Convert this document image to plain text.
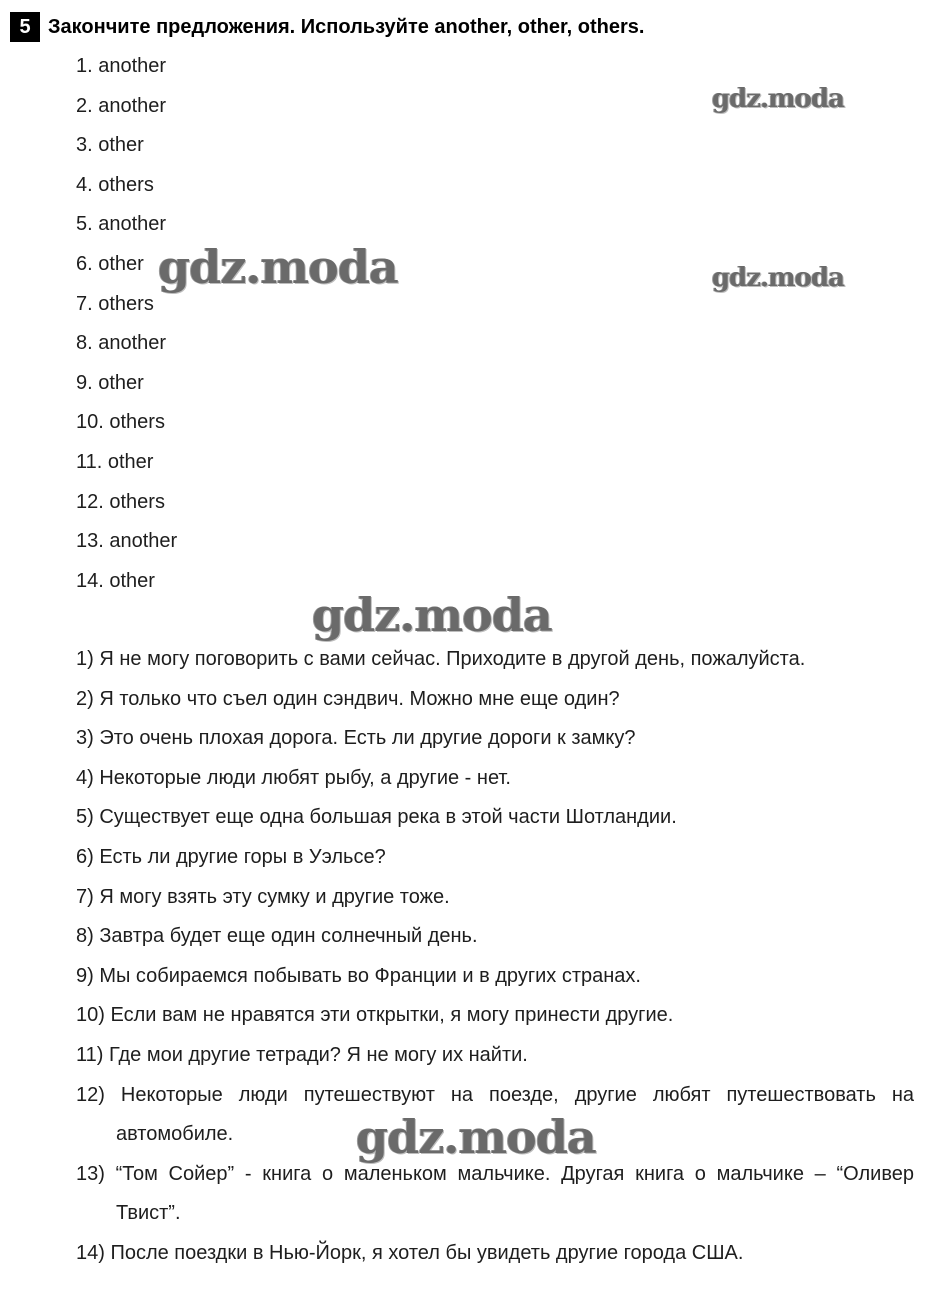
5 Закончите предложения. Используйте another, other, others.
1. another
2. another
3. other
4. others
5. another
6. other
7. others
8. another
9. other
10. others
11. other
12. others
13. another
14. other
1) Я не могу поговорить с вами сейчас. Приходите в другой день, пожалуйста.
2) Я только что съел один сэндвич. Можно мне еще один?
3) Это очень плохая дорога. Есть ли другие дороги к замку?
4) Некоторые люди любят рыбу, а другие - нет.
5) Существует еще одна большая река в этой части Шотландии.
6) Есть ли другие горы в Уэльсе?
7) Я могу взять эту сумку и другие тоже.
8) Завтра будет еще один солнечный день.
9) Мы собираемся побывать во Франции и в других странах.
10) Если вам не нравятся эти открытки, я могу принести другие.
11) Где мои другие тетради? Я не могу их найти.
12) Некоторые люди путешествуют на поезде, другие любят путешествовать на автомобиле.
13) “Том Сойер” - книга о маленьком мальчике. Другая книга о мальчике – “Оливер Твист”.
14) После поездки в Нью-Йорк, я хотел бы увидеть другие города США.
gdz.moda
gdz.moda	gdz.moda
gdz.moda
gdz.moda
